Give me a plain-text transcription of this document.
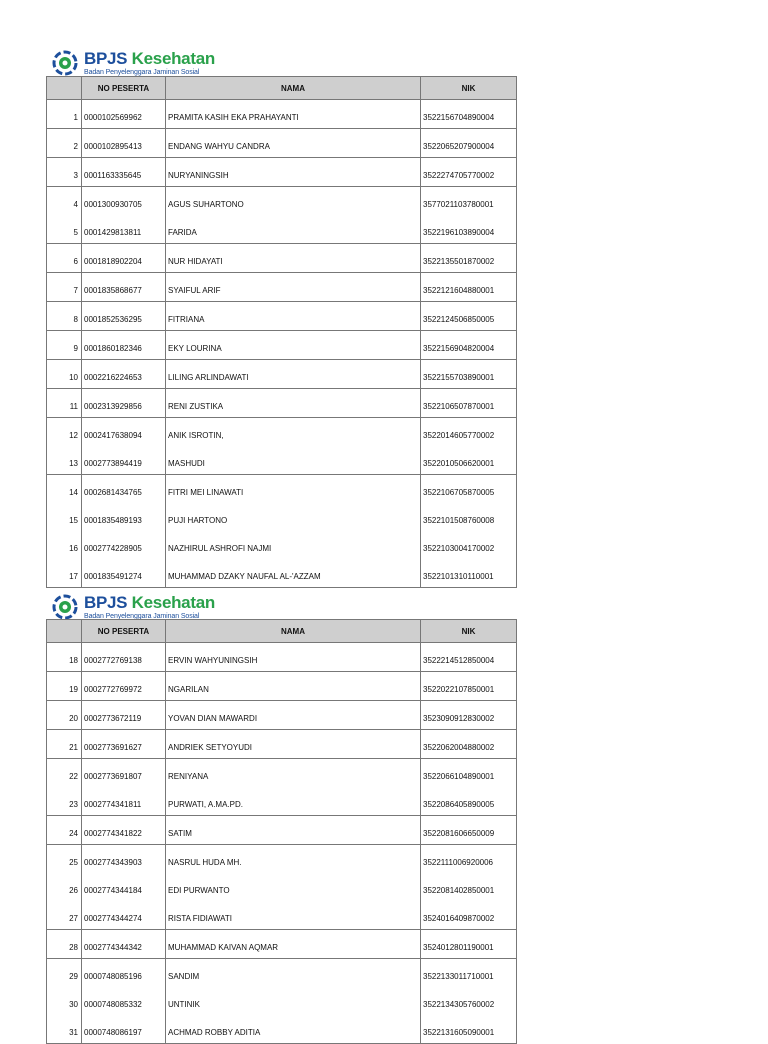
BPJS Kesehatan
Badan Penyelenggara Jaminan Sosial
	NO PESERTA	NAMA	NIK
1	0000102569962	PRAMITA KASIH EKA PRAHAYANTI	3522156704890004
2	0000102895413	ENDANG WAHYU CANDRA	3522065207900004
3	0001163335645	NURYANINGSIH	3522274705770002
4	0001300930705	AGUS SUHARTONO	3577021103780001
5	0001429813811	FARIDA	3522196103890004
6	0001818902204	NUR HIDAYATI	3522135501870002
7	0001835868677	SYAIFUL ARIF	3522121604880001
8	0001852536295	FITRIANA	3522124506850005
9	0001860182346	EKY LOURINA	3522156904820004
10	0002216224653	LILING ARLINDAWATI	3522155703890001
11	0002313929856	RENI ZUSTIKA	3522106507870001
12	0002417638094	ANIK ISROTIN,	3522014605770002
13	0002773894419	MASHUDI	3522010506620001
14	0002681434765	FITRI MEI LINAWATI	3522106705870005
15	0001835489193	PUJI HARTONO	3522101508760008
16	0002774228905	NAZHIRUL ASHROFI NAJMI	3522103004170002
17	0001835491274	MUHAMMAD DZAKY NAUFAL AL-'AZZAM	3522101310110001
BPJS Kesehatan
Badan Penyelenggara Jaminan Sosial
	NO PESERTA	NAMA	NIK
18	0002772769138	ERVIN WAHYUNINGSIH	3522214512850004
19	0002772769972	NGARILAN	3522022107850001
20	0002773672119	YOVAN DIAN MAWARDI	3523090912830002
21	0002773691627	ANDRIEK SETYOYUDI	3522062004880002
22	0002773691807	RENIYANA	3522066104890001
23	0002774341811	PURWATI, A.MA.PD.	3522086405890005
24	0002774341822	SATIM	3522081606650009
25	0002774343903	NASRUL HUDA MH.	3522111006920006
26	0002774344184	EDI PURWANTO	3522081402850001
27	0002774344274	RISTA FIDIAWATI	3524016409870002
28	0002774344342	MUHAMMAD KAIVAN AQMAR	3524012801190001
29	0000748085196	SANDIM	3522133011710001
30	0000748085332	UNTINIK	3522134305760002
31	0000748086197	ACHMAD ROBBY ADITIA	3522131605090001
